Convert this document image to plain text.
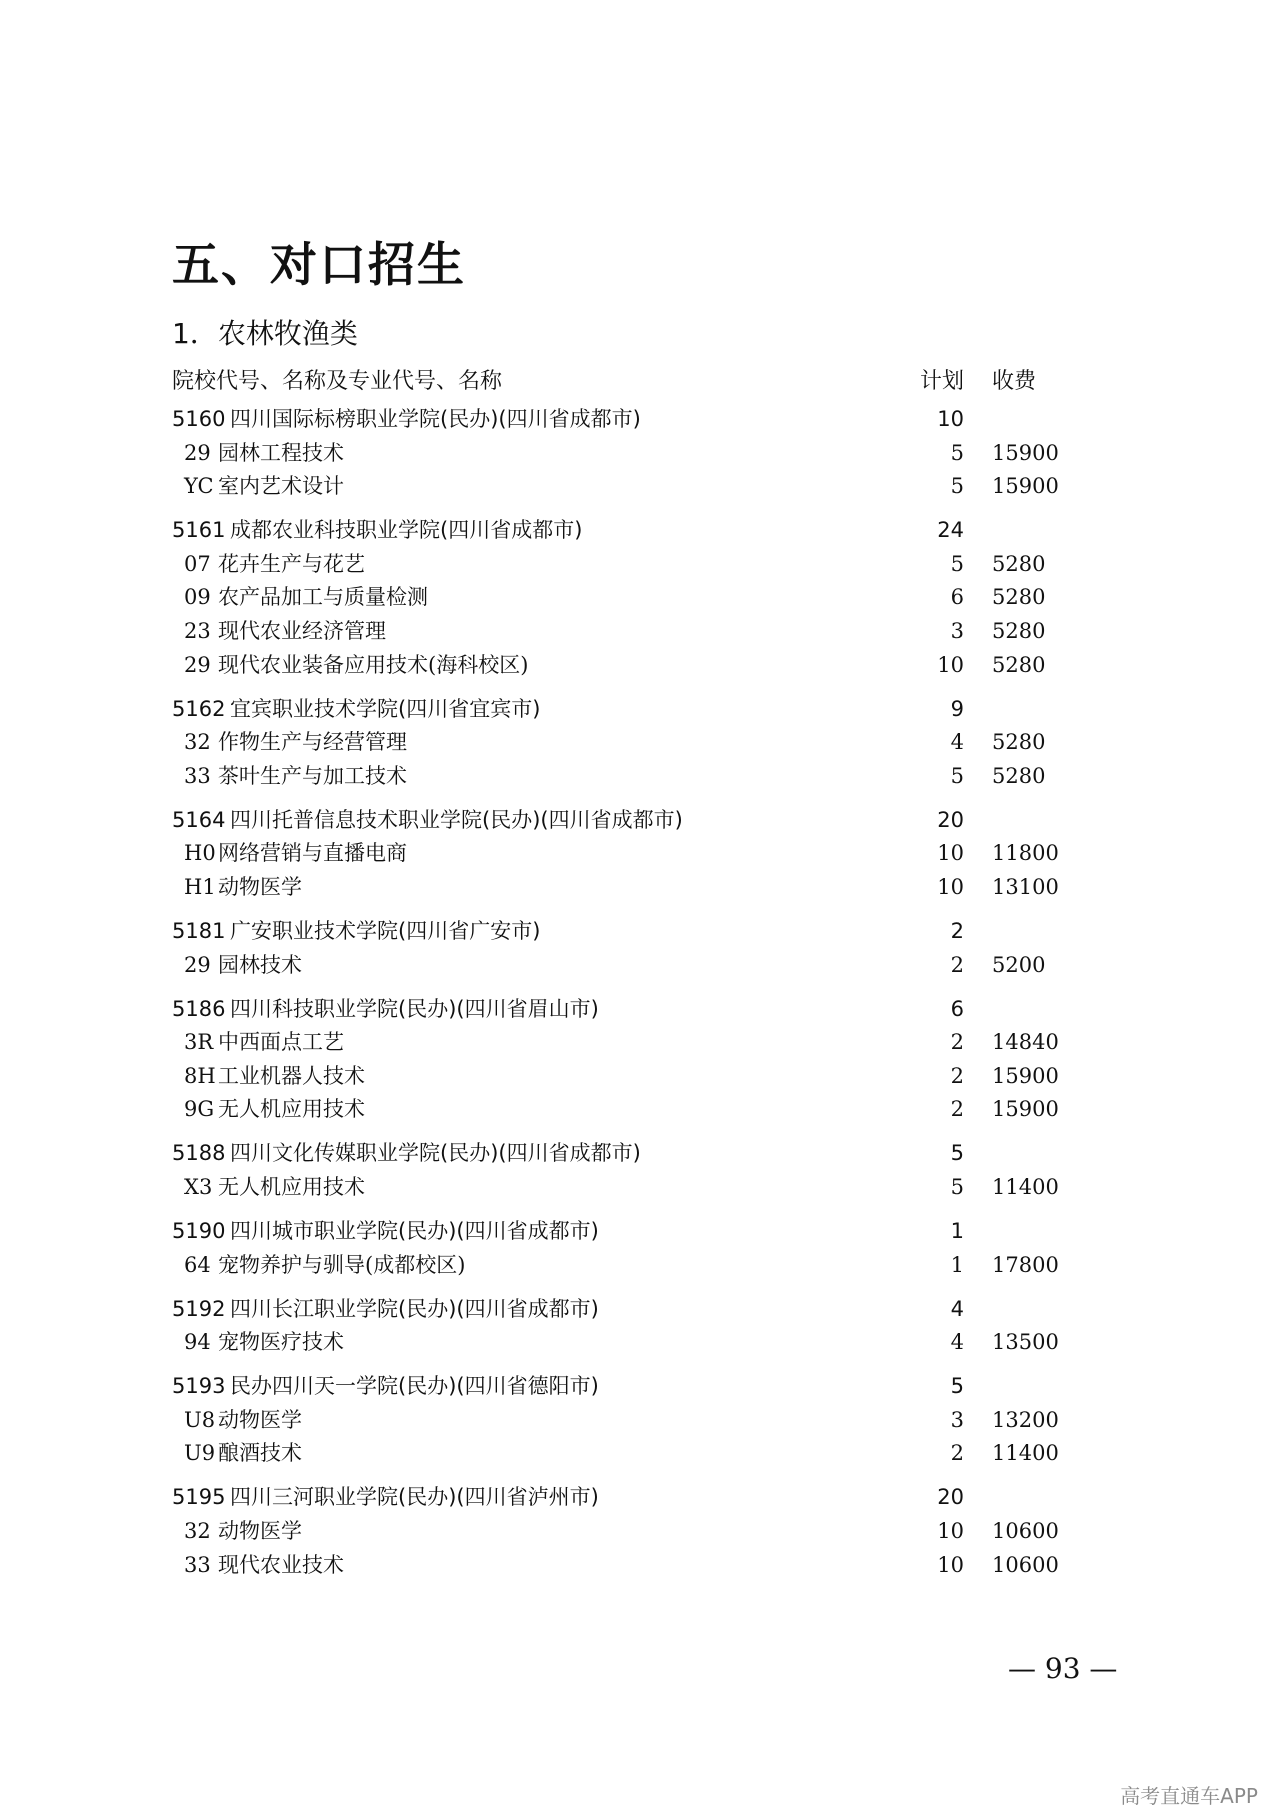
五、对口招生
1．农林牧渔类
院校代号、名称及专业代号、名称	计划 收费
5160 四川国际标榜职业学院(民办)(四川省成都市)	10
29 园林工程技术	5 15900
YC 室内艺术设计	5 15900
5161 成都农业科技职业学院(四川省成都市)	24
07 花卉生产与花艺	5 5280
09 农产品加工与质量检测	6 5280
23 现代农业经济管理	3 5280
29 现代农业装备应用技术(海科校区)	10 5280
5162 宜宾职业技术学院(四川省宜宾市)	9
32 作物生产与经营管理	4 5280
33 茶叶生产与加工技术	5 5280
5164 四川托普信息技术职业学院(民办)(四川省成都市)	20
H0 网络营销与直播电商	10 11800
H1 动物医学	10 13100
5181 广安职业技术学院(四川省广安市)	2
29 园林技术	2 5200
5186 四川科技职业学院(民办)(四川省眉山市)	6
3R 中西面点工艺	2 14840
8H 工业机器人技术	2 15900
9G 无人机应用技术	2 15900
5188 四川文化传媒职业学院(民办)(四川省成都市)	5
X3 无人机应用技术	5 11400
5190 四川城市职业学院(民办)(四川省成都市)	1
64 宠物养护与驯导(成都校区)	1 17800
5192 四川长江职业学院(民办)(四川省成都市)	4
94 宠物医疗技术	4 13500
5193 民办四川天一学院(民办)(四川省德阳市)	5
U8 动物医学	3 13200
U9 酿酒技术	2 11400
5195 四川三河职业学院(民办)(四川省泸州市)	20
32 动物医学	10 10600
33 现代农业技术	10 10600
— 93 —
高考直通车APP
